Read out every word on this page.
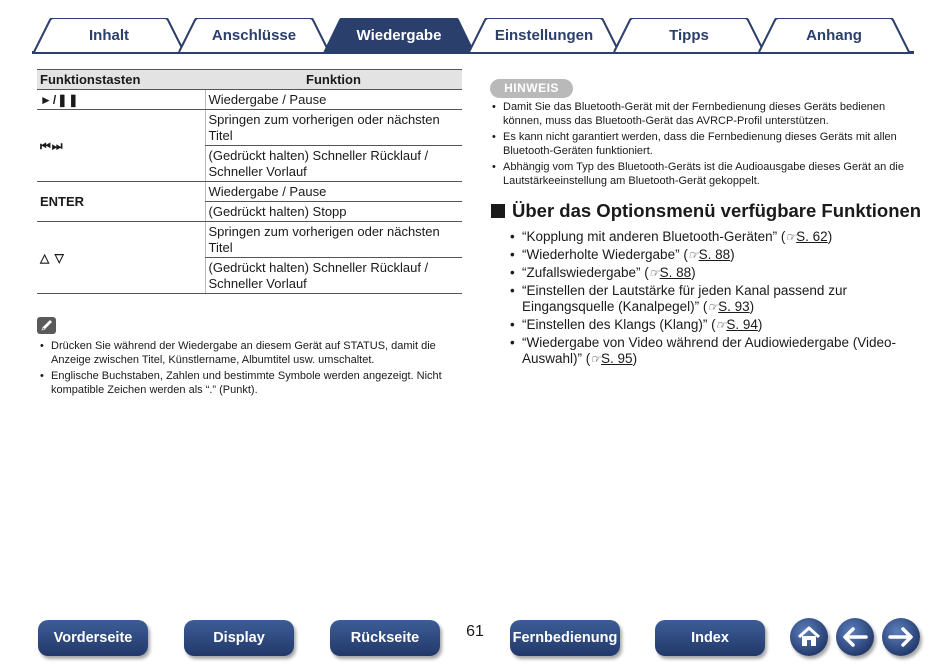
Inhalt	Anschlüsse	Wiedergabe	Einstellungen	Tipps	Anhang
Funktionstasten	Funktion
►/❚❚	Wiedergabe / Pause
⏮⏭	Springen zum vorherigen oder nächsten Titel
	(Gedrückt halten) Schneller Rücklauf / Schneller Vorlauf
ENTER	Wiedergabe / Pause
	(Gedrückt halten) Stopp
△ ▽	Springen zum vorherigen oder nächsten Titel
	(Gedrückt halten) Schneller Rücklauf / Schneller Vorlauf
• Drücken Sie während der Wiedergabe an diesem Gerät auf STATUS, damit die Anzeige zwischen Titel, Künstlername, Albumtitel usw. umschaltet.
• Englische Buchstaben, Zahlen und bestimmte Symbole werden angezeigt. Nicht kompatible Zeichen werden als “.” (Punkt).
HINWEIS
• Damit Sie das Bluetooth-Gerät mit der Fernbedienung dieses Geräts bedienen können, muss das Bluetooth-Gerät das AVRCP-Profil unterstützen.
• Es kann nicht garantiert werden, dass die Fernbedienung dieses Geräts mit allen Bluetooth-Geräten funktioniert.
• Abhängig vom Typ des Bluetooth-Geräts ist die Audioausgabe dieses Gerät an die Lautstärkeeinstellung am Bluetooth-Gerät gekoppelt.
Über das Optionsmenü verfügbare Funktionen
• “Kopplung mit anderen Bluetooth-Geräten” (☞S. 62)
• “Wiederholte Wiedergabe” (☞S. 88)
• “Zufallswiedergabe” (☞S. 88)
• “Einstellen der Lautstärke für jeden Kanal passend zur Eingangsquelle (Kanalpegel)” (☞S. 93)
• “Einstellen des Klangs (Klang)” (☞S. 94)
• “Wiedergabe von Video während der Audiowiedergabe (Video-Auswahl)” (☞S. 95)
Vorderseite	Display	Rückseite	61 Fernbedienung	Index
